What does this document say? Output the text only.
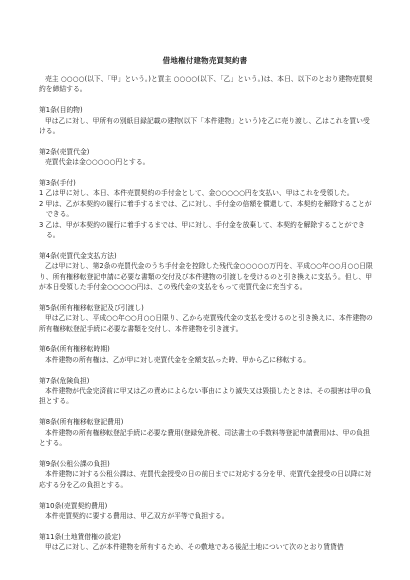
借地権付建物売買契約書

売主 ○○○○(以下、「甲」という。)と買主 ○○○○(以下、「乙」という。)は、本日、以下のとおり建物売買契約を締結する。

第1条(目的物)

甲は乙に対し、甲所有の別紙目録記載の建物(以下「本件建物」という)を乙に売り渡し、乙はこれを買い受ける。

第2条(売買代金)

売買代金は金○○○○○円とする。

第3条(手付)

1 乙は甲に対し、本日、本件売買契約の手付金として、金○○○○○円を支払い、甲はこれを受領した。

2 甲は、乙が本契約の履行に着手するまでは、乙に対し、手付金の倍額を償還して、本契約を解除することができる。

3 乙は、甲が本契約の履行に着手するまでは、甲に対し、手付金を放棄して、本契約を解除することができる。

第4条(売買代金支払方法)

乙は甲に対し、第2条の売買代金のうち手付金を控除した残代金○○○○○万円を、平成○○年○○月○○日限り、所有権移転登記申請に必要な書類の交付及び本件建物の引渡しを受けるのと引き換えに支払う。但し、甲が本日受領した手付金○○○○○円は、この残代金の支払をもって売買代金に充当する。

第5条(所有権移転登記及び引渡し)

甲は乙に対し、平成○○年○○月○○日限り、乙から売買残代金の支払を受けるのと引き換えに、本件建物の所有権移転登記手続に必要な書類を交付し、本件建物を引き渡す。

第6条(所有権移転時期)

本件建物の所有権は、乙が甲に対し売買代金を全額支払った時、甲から乙に移転する。

第7条(危険負担)

本件建物が代金完済前に甲又は乙の責めによらない事由により滅失又は毀損したときは、その損害は甲の負担とする。

第8条(所有権移転登記費用)

本件建物の所有権移転登記手続に必要な費用(登録免許税、司法書士の手数料等登記申請費用)は、甲の負担とする。

第9条(公租公課の負担)

本件建物に対する公租公課は、売買代金授受の日の前日までに対応する分を甲、売買代金授受の日以降に対応する分を乙の負担とする。

第10条(売買契約費用)

本件売買契約に要する費用は、甲乙双方が平等で負担する。

第11条(土地賃借権の設定)

甲は乙に対し、乙が本件建物を所有するため、その敷地である後記土地について次のとおり賃貸借
